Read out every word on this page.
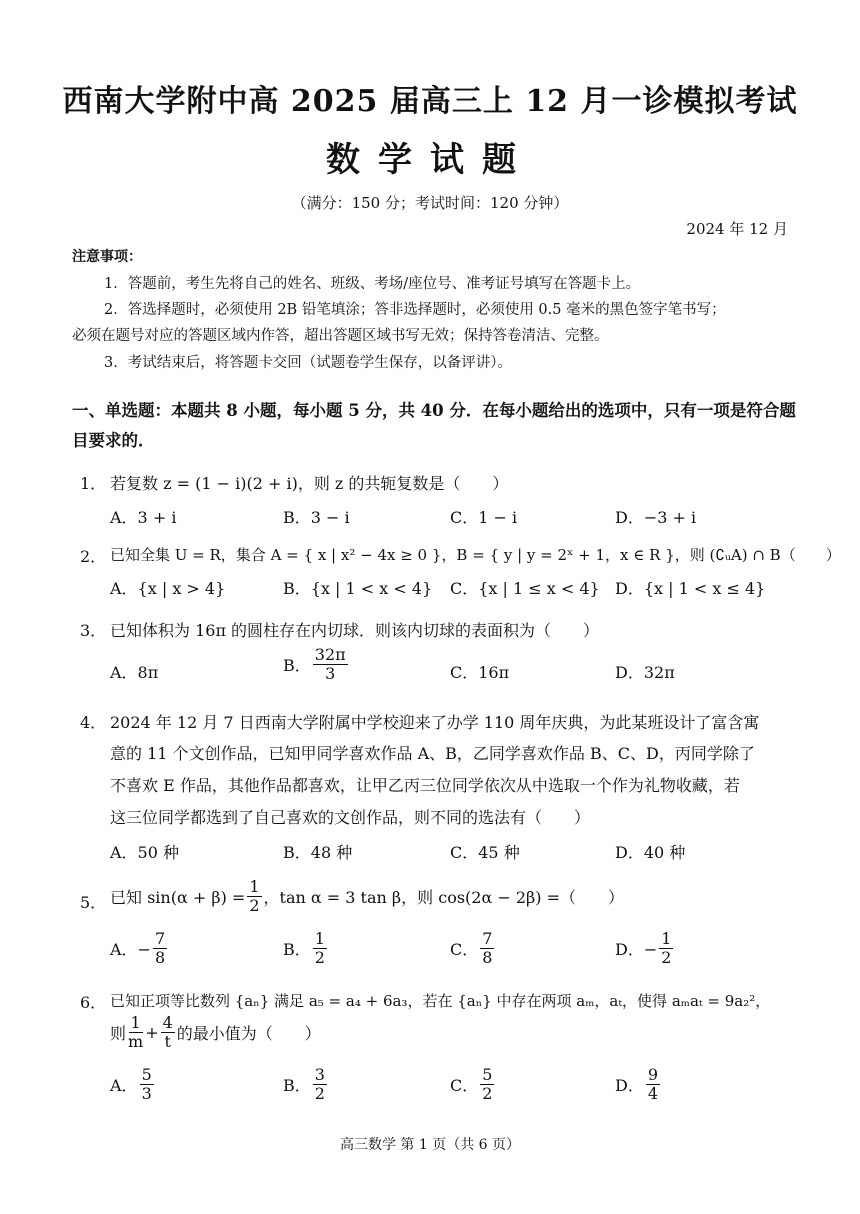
西南大学附中高 2025 届高三上 12 月一诊模拟考试
数学试题
（满分：150 分；考试时间：120 分钟）
2024 年 12 月
注意事项：
1．答题前，考生先将自己的姓名、班级、考场/座位号、准考证号填写在答题卡上。
2．答选择题时，必须使用 2B 铅笔填涂；答非选择题时，必须使用 0.5 毫米的黑色签字笔书写；
必须在题号对应的答题区域内作答，超出答题区域书写无效；保持答卷清洁、完整。
3．考试结束后，将答题卡交回（试题卷学生保存，以备评讲）。
一、单选题：本题共 8 小题，每小题 5 分，共 40 分．在每小题给出的选项中，只有一项是符合题目要求的．
1． 若复数 z = (1 − i)(2 + i)，则 z 的共轭复数是（　　）
A．3 + i	B．3 − i	C．1 − i	D．−3 + i
2． 已知全集 U = R，集合 A = { x | x² − 4x ≥ 0 }，B = { y | y = 2ˣ + 1，x ∈ R }，则 (∁ᵤA) ∩ B（　　）
A．{x | x > 4}	B．{x | 1 < x < 4} C．{x | 1 ≤ x < 4} D．{x | 1 < x ≤ 4}
3． 已知体积为 16π 的圆柱存在内切球．则该内切球的表面积为（　　）
A．8π	B． $\frac{32\pi}{3}$	C．16π	D．32π
4． 2024 年 12 月 7 日西南大学附属中学校迎来了办学 110 周年庆典，为此某班设计了富含寓
意的 11 个文创作品，已知甲同学喜欢作品 A、B，乙同学喜欢作品 B、C、D，丙同学除了
不喜欢 E 作品，其他作品都喜欢，让甲乙丙三位同学依次从中选取一个作为礼物收藏，若
这三位同学都选到了自己喜欢的文创作品，则不同的选法有（　　）
A．50 种	B．48 种	C．45 种	D．40 种
5． 已知 $\sin(\alpha + \beta) = \frac{1}{2}$ ，tan α = 3 tan β，则 cos(2α − 2β) =（　　）
A．− $\frac{7}{8}$	B． $\frac{1}{2}$	C． $\frac{7}{8}$	D．− $\frac{1}{2}$
6． 已知正项等比数列 {aₙ} 满足 a₅ = a₄ + 6a₃，若在 {aₙ} 中存在两项 aₘ，aₜ，使得 aₘaₜ = 9a₂²，
则 $\frac{1}{m} + \frac{4}{t}$ 的最小值为（　　）
A． $\frac{5}{3}$	B． $\frac{3}{2}$	C． $\frac{5}{2}$	D． $\frac{9}{4}$
高三数学 第 1 页（共 6 页）
